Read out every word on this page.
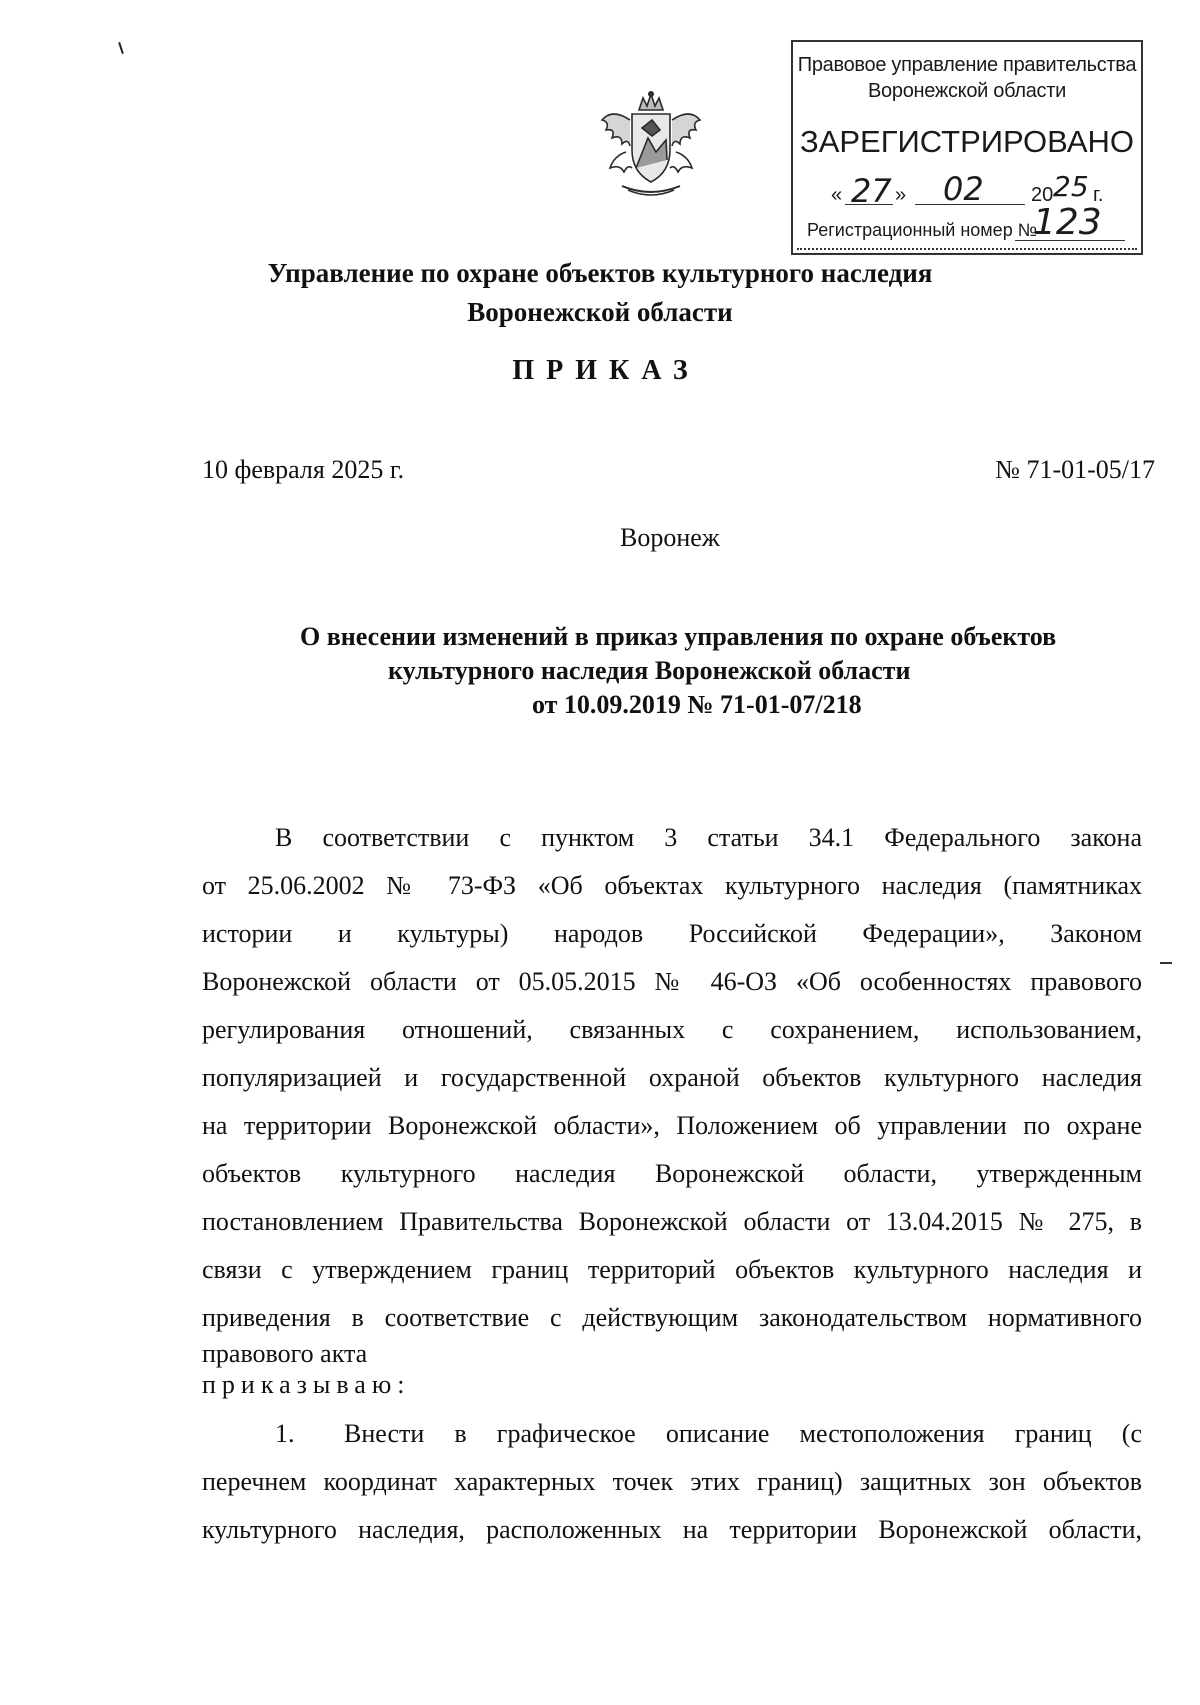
Правовое управление правительства
Воронежской области
ЗАРЕГИСТРИРОВАНО
« 27 » 02 20 25 г.
Регистрационный номер №
123
Управление по охране объектов культурного наследия
Воронежской области
ПРИКАЗ
10 февраля 2025 г.	№ 71-01-05/17
Воронеж
О внесении изменений в приказ управления по охране объектов
культурного наследия Воронежской области
от 10.09.2019 № 71-01-07/218
В соответствии с пунктом 3 статьи 34.1 Федерального закона
от 25.06.2002 № 73-ФЗ «Об объектах культурного наследия (памятниках
истории и культуры) народов Российской Федерации», Законом
Воронежской области от 05.05.2015 № 46-ОЗ «Об особенностях правового
регулирования отношений, связанных с сохранением, использованием,
популяризацией и государственной охраной объектов культурного наследия
на территории Воронежской области», Положением об управлении по охране
объектов культурного наследия Воронежской области, утвержденным
постановлением Правительства Воронежской области от 13.04.2015 № 275, в
связи с утверждением границ территорий объектов культурного наследия и
приведения в соответствие с действующим законодательством нормативного
правового акта
приказываю:
1. Внести в графическое описание местоположения границ (с
перечнем координат характерных точек этих границ) защитных зон объектов
культурного наследия, расположенных на территории Воронежской области,
